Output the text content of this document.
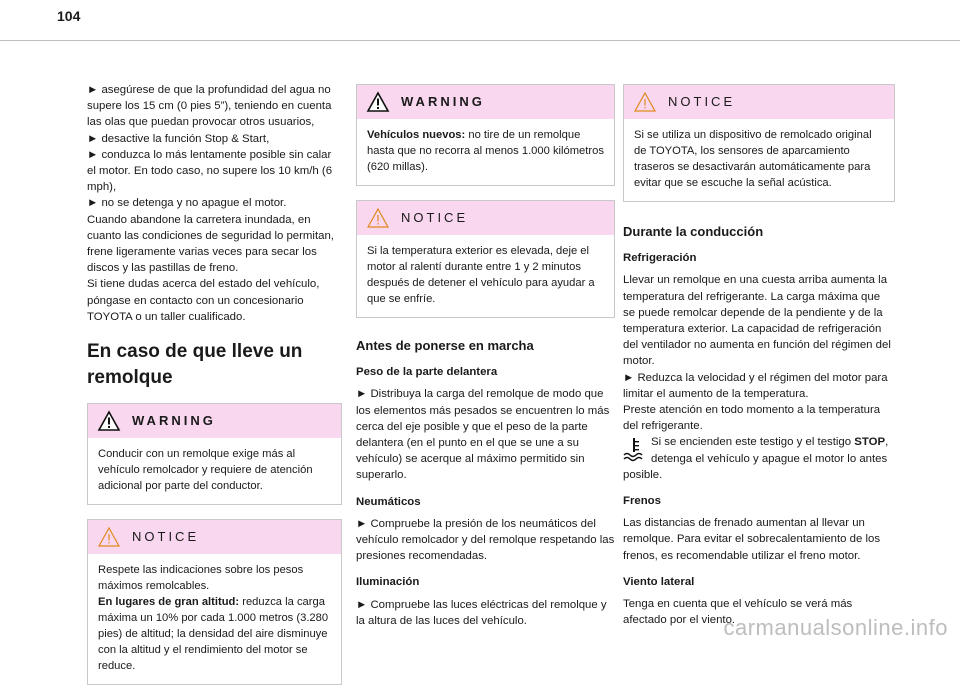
104

► asegúrese de que la profundidad del agua no supere los 15 cm (0 pies 5”), teniendo en cuenta las olas que puedan provocar otros usuarios,

► desactive la función Stop & Start,

► conduzca lo más lentamente posible sin calar el motor. En todo caso, no supere los 10 km/h (6 mph),

► no se detenga y no apague el motor.

Cuando abandone la carretera inundada, en cuanto las condiciones de seguridad lo permitan, frene ligeramente varias veces para secar los discos y las pastillas de freno.

Si tiene dudas acerca del estado del vehículo, póngase en contacto con un concesionario TOYOTA o un taller cualificado.

En caso de que lleve un remolque
WARNING
Conducir con un remolque exige más al vehículo remolcador y requiere de atención adicional por parte del conductor.
NOTICE
Respete las indicaciones sobre los pesos máximos remolcables.
En lugares de gran altitud: reduzca la carga máxima un 10% por cada 1.000 metros (3.280 pies) de altitud; la densidad del aire disminuye con la altitud y el rendimiento del motor se reduce.
WARNING
Vehículos nuevos: no tire de un remolque hasta que no recorra al menos 1.000 kilómetros (620 millas).
NOTICE
Si la temperatura exterior es elevada, deje el motor al ralentí durante entre 1 y 2 minutos después de detener el vehículo para ayudar a que se enfríe.
Antes de ponerse en marcha
Peso de la parte delantera

► Distribuya la carga del remolque de modo que los elementos más pesados se encuentren lo más cerca del eje posible y que el peso de la parte delantera (en el punto en el que se une a su vehículo) se acerque al máximo permitido sin superarlo.

Neumáticos

► Compruebe la presión de los neumáticos del vehículo remolcador y del remolque respetando las presiones recomendadas.

Iluminación

► Compruebe las luces eléctricas del remolque y la altura de las luces del vehículo.

NOTICE
Si se utiliza un dispositivo de remolcado original de TOYOTA, los sensores de aparcamiento traseros se desactivarán automáticamente para evitar que se escuche la señal acústica.
Durante la conducción
Refrigeración

Llevar un remolque en una cuesta arriba aumenta la temperatura del refrigerante. La carga máxima que se puede remolcar depende de la pendiente y de la temperatura exterior. La capacidad de refrigeración del ventilador no aumenta en función del régimen del motor.

► Reduzca la velocidad y el régimen del motor para limitar el aumento de la temperatura.

Preste atención en todo momento a la temperatura del refrigerante.

Si se encienden este testigo y el testigo STOP, detenga el vehículo y apague el motor lo antes posible.

Frenos

Las distancias de frenado aumentan al llevar un remolque. Para evitar el sobrecalentamiento de los frenos, es recomendable utilizar el freno motor.

Viento lateral

Tenga en cuenta que el vehículo se verá más afectado por el viento.

carmanualsonline.info
